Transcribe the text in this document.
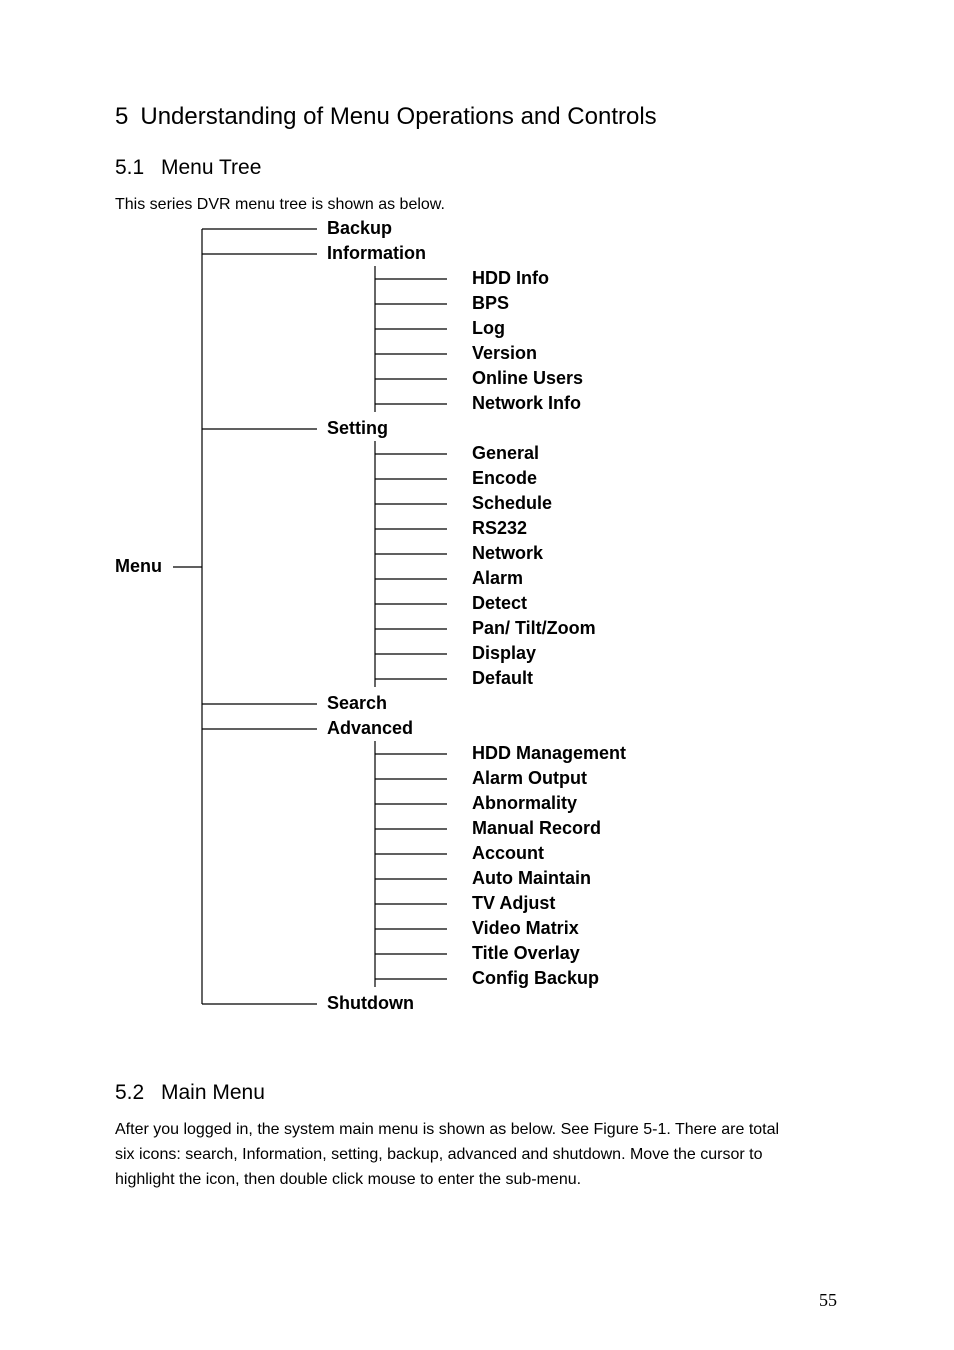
5 Understanding of Menu Operations and Controls
5.1 Menu Tree

This series DVR menu tree is shown as below.

Backup
Information
HDD Info
BPS
Log
Version
Online Users
Network Info
Setting
General
Encode
Schedule
RS232
Network
Alarm
Detect
Pan/ Tilt/Zoom
Display
Default
Search
Advanced
HDD Management
Alarm Output
Abnormality
Manual Record
Account
Auto Maintain
TV Adjust
Video Matrix
Title Overlay
Config Backup
Shutdown
Menu
5.2 Main Menu
After you logged in, the system main menu is shown as below. See Figure 5-1. There are total
six icons: search, Information, setting, backup, advanced and shutdown. Move the cursor to
highlight the icon, then double click mouse to enter the sub-menu.
55
